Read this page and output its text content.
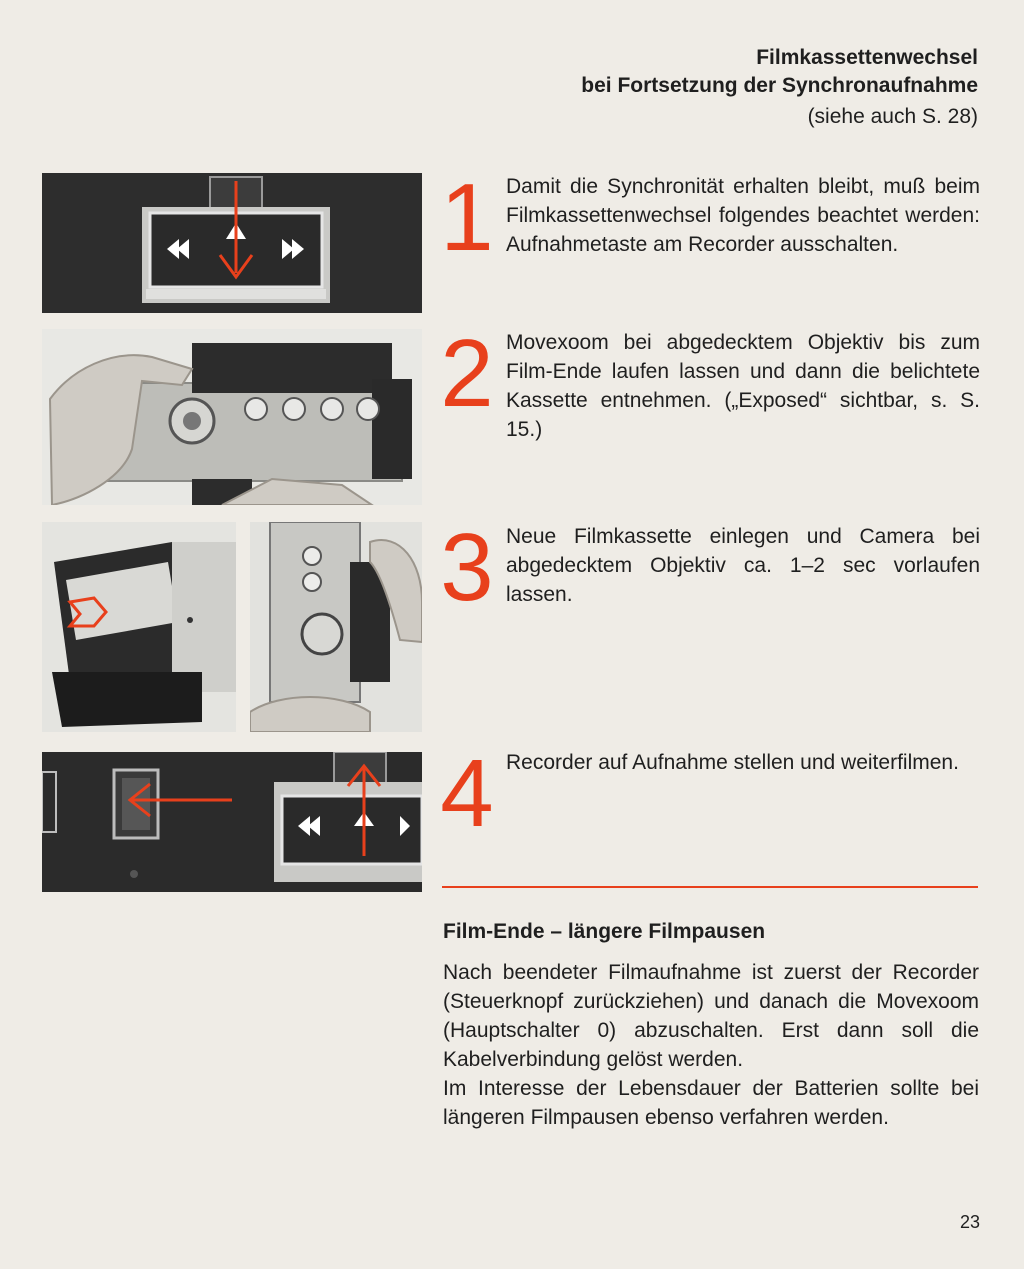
Filmkassettenwechsel
bei Fortsetzung der Synchronaufnahme
(siehe auch S. 28)
1 Damit die Synchronität erhalten bleibt, muß beim Filmkassettenwechsel folgendes beachtet werden: Aufnahmetaste am Recorder ausschalten.
2 Movexoom bei abgedecktem Objektiv bis zum Film-Ende laufen lassen und dann die belichtete Kassette entnehmen. („Exposed“ sichtbar, s. S. 15.)
3 Neue Filmkassette einlegen und Camera bei abgedecktem Objektiv ca. 1–2 sec vorlaufen lassen.
4 Recorder auf Aufnahme stellen und weiterfilmen.
Film-Ende – längere Filmpausen

Nach beendeter Filmaufnahme ist zuerst der Recorder (Steuerknopf zurückziehen) und danach die Movexoom (Hauptschalter 0) abzuschalten. Erst dann soll die Kabelverbindung gelöst werden.

Im Interesse der Lebensdauer der Batterien sollte bei längeren Filmpausen ebenso verfahren werden.

23
